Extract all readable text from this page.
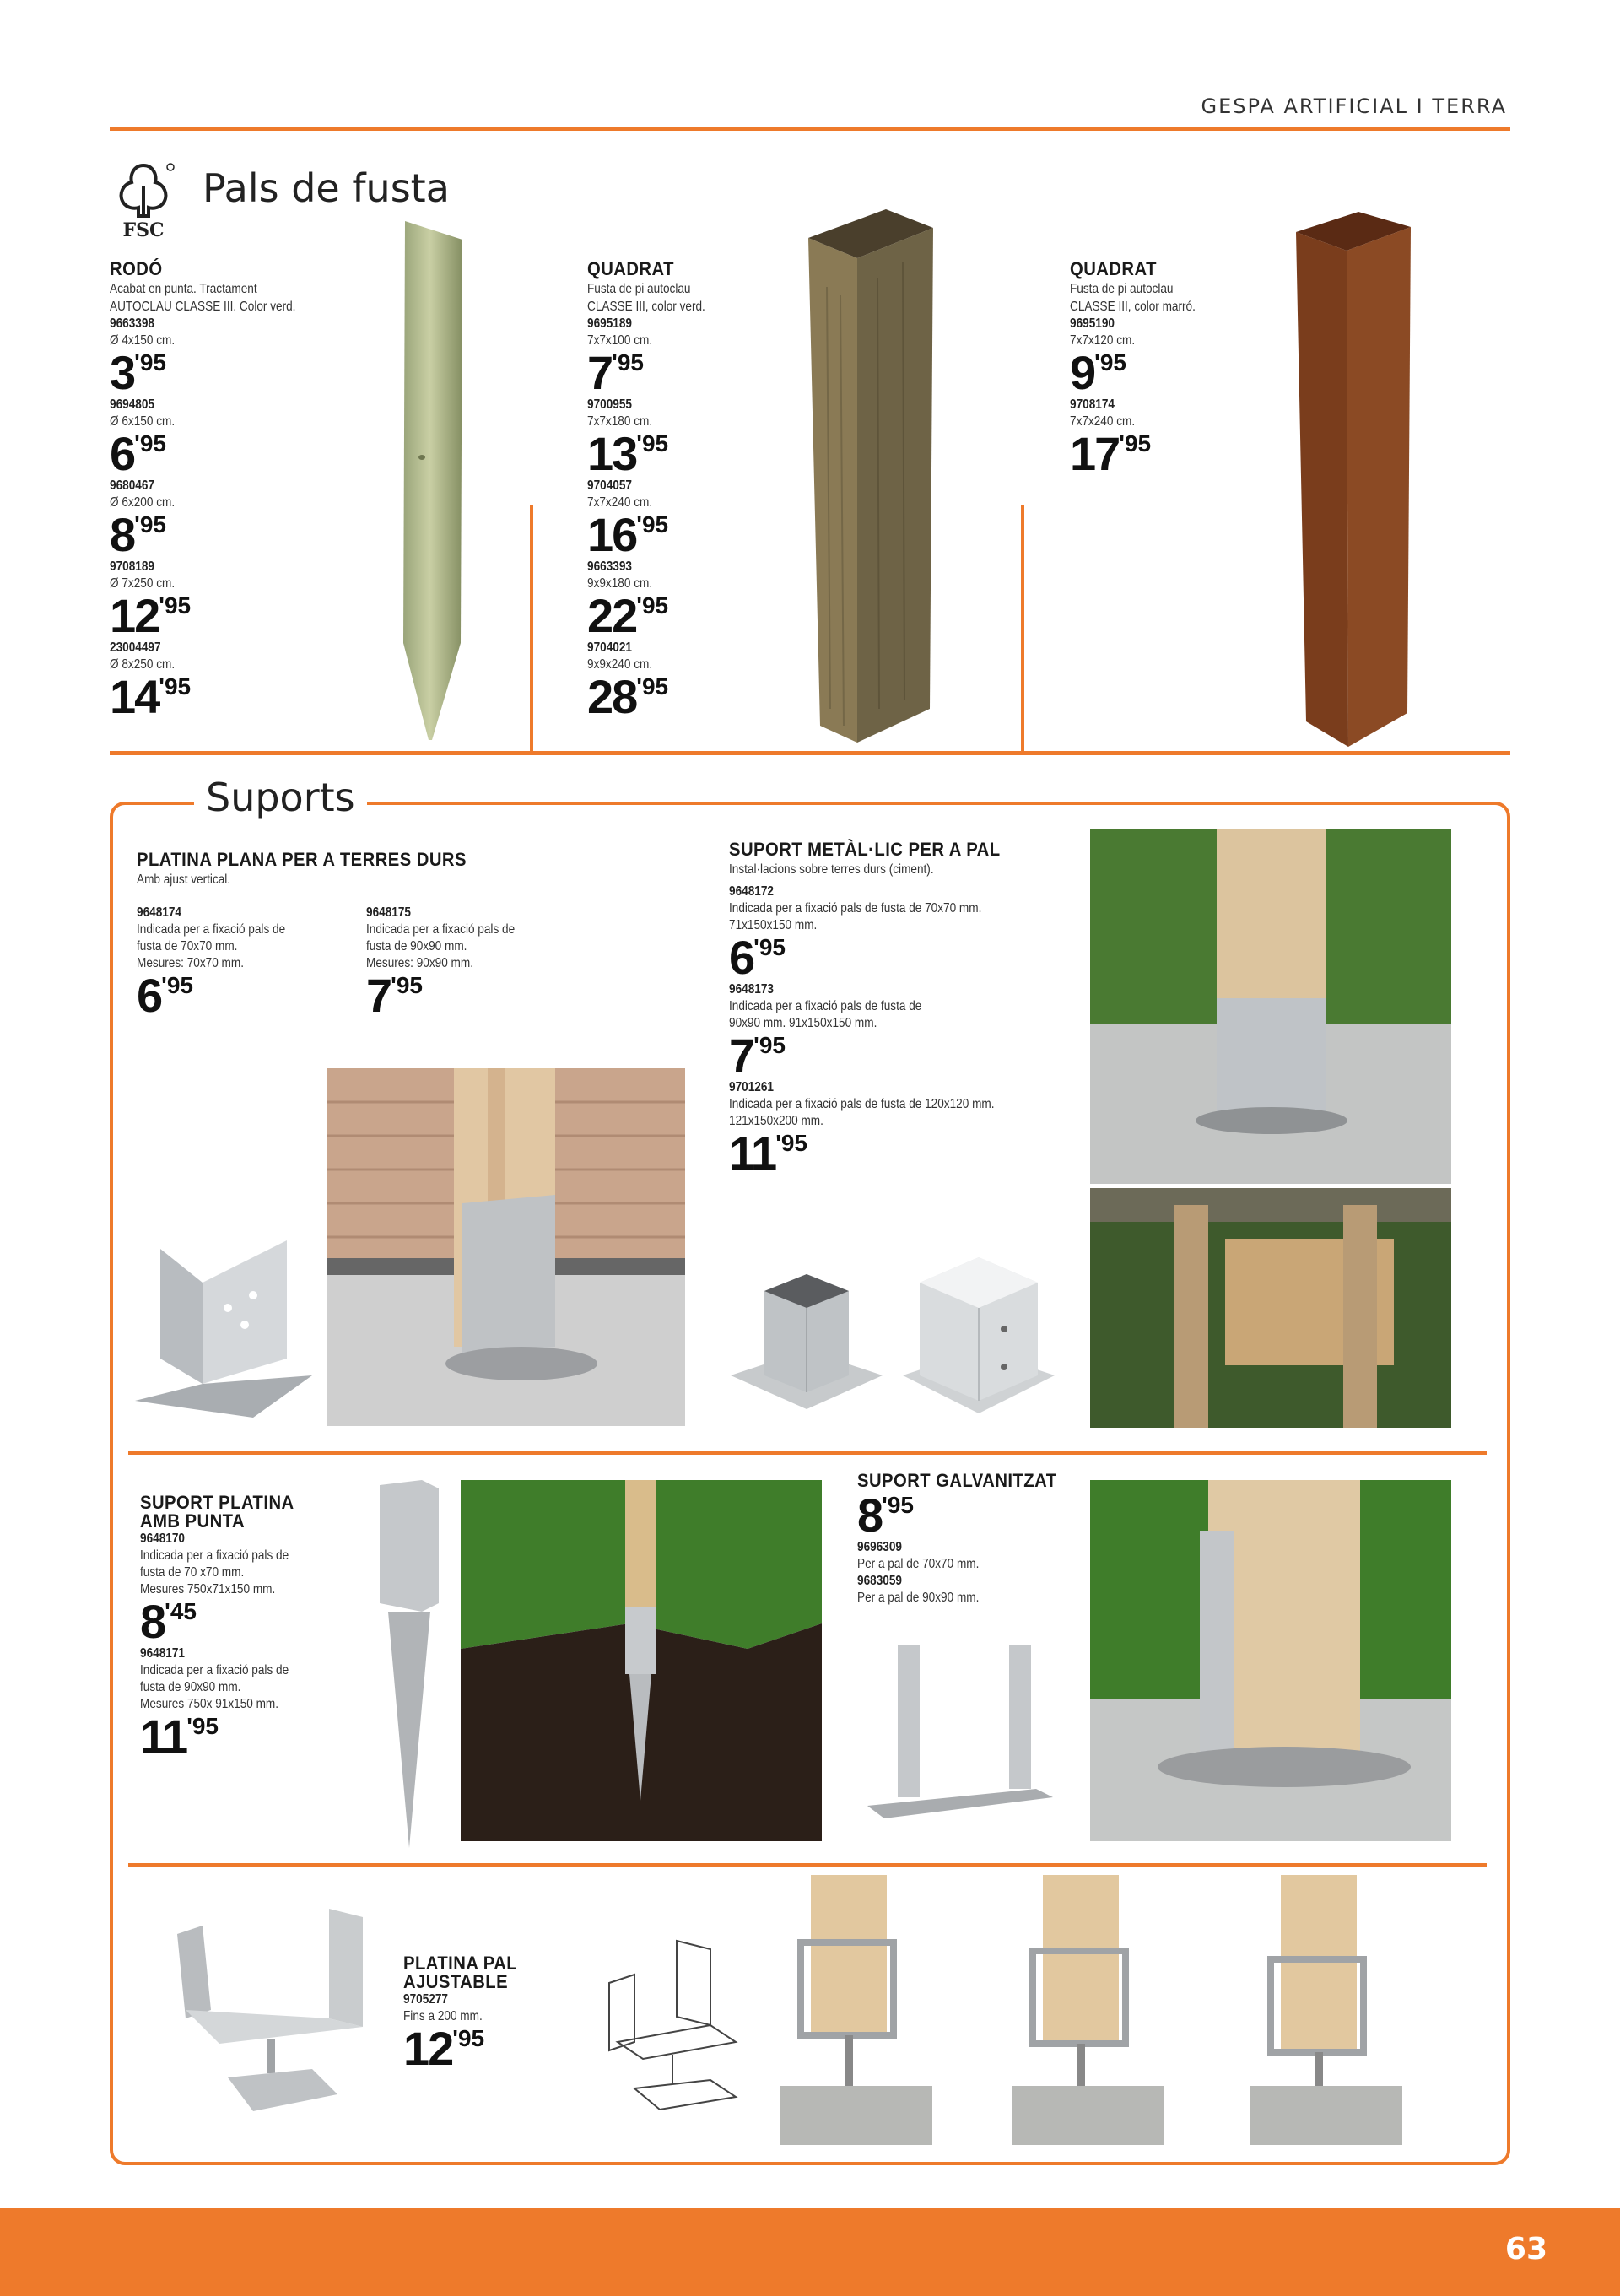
GESPA ARTIFICIAL I TERRA
FSC
Pals de fusta
RODÓ
Acabat en punta. Tractament
AUTOCLAU CLASSE III. Color verd.
9663398
Ø 4x150 cm.
3'95
9694805
Ø 6x150 cm.
6'95
9680467
Ø 6x200 cm.
8'95
9708189
Ø 7x250 cm.
12'95
23004497
Ø 8x250 cm.
14'95
QUADRAT
Fusta de pi autoclau
CLASSE III, color verd.
9695189
7x7x100 cm.
7'95
9700955
7x7x180 cm.
13'95
9704057
7x7x240 cm.
16'95
9663393
9x9x180 cm.
22'95
9704021
9x9x240 cm.
28'95
QUADRAT
Fusta de pi autoclau
CLASSE III, color marró.
9695190
7x7x120 cm.
9'95
9708174
7x7x240 cm.
17'95
Suports
PLATINA PLANA PER A TERRES DURS
Amb ajust vertical.
9648174
Indicada per a fixació pals de
fusta de 70x70 mm.
Mesures: 70x70 mm.
6'95
9648175
Indicada per a fixació pals de
fusta de 90x90 mm.
Mesures: 90x90 mm.
7'95
SUPORT METÀL·LIC PER A PAL
Instal·lacions sobre terres durs (ciment).
9648172
Indicada per a fixació pals de fusta de 70x70 mm.
71x150x150 mm.
6'95
9648173
Indicada per a fixació pals de fusta de
90x90 mm. 91x150x150 mm.
7'95
9701261
Indicada per a fixació pals de fusta de 120x120 mm.
121x150x200 mm.
11'95
SUPORT PLATINA
AMB PUNTA
9648170
Indicada per a fixació pals de
fusta de 70 x70 mm.
Mesures 750x71x150 mm.
8'45
9648171
Indicada per a fixació pals de
fusta de 90x90 mm.
Mesures 750x 91x150 mm.
11'95
SUPORT GALVANITZAT
8'95
9696309
Per a pal de 70x70 mm.
9683059
Per a pal de 90x90 mm.
PLATINA PAL
AJUSTABLE
9705277
Fins a 200 mm.
12'95
63
